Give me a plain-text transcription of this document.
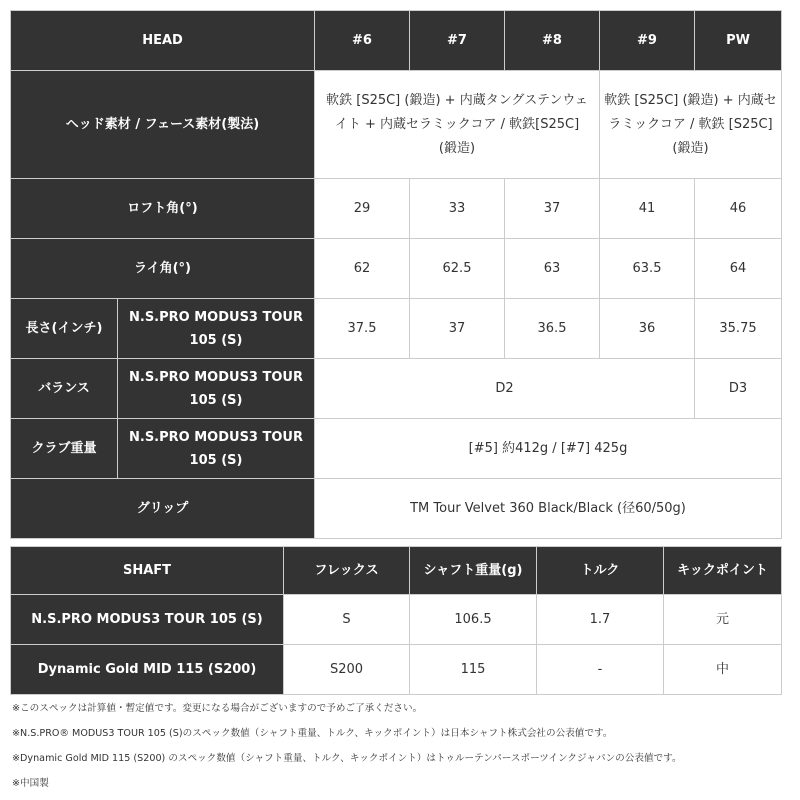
HEAD		#6	#7	#8	#9	PW
ヘッド素材 / フェース素材(製法)		軟鉄 [S25C] (鍛造) + 内蔵タングステンウェイト + 内蔵セラミックコア / 軟鉄[S25C] (鍛造)			軟鉄 [S25C] (鍛造) + 内蔵セラミックコア / 軟鉄 [S25C] (鍛造)	
ロフト角(°)		29	33	37	41	46
ライ角(°)		62	62.5	63	63.5	64
長さ(インチ)	N.S.PRO MODUS3 TOUR 105 (S)	37.5	37	36.5	36	35.75
バランス	N.S.PRO MODUS3 TOUR 105 (S)	D2				D3
クラブ重量	N.S.PRO MODUS3 TOUR 105 (S)	[#5] 約412g / [#7] 425g				
グリップ		TM Tour Velvet 360 Black/Black (径60/50g)				
SHAFT	フレックス	シャフト重量(g)	トルク	キックポイント
N.S.PRO MODUS3 TOUR 105 (S)	S	106.5	1.7	元
Dynamic Gold MID 115 (S200)	S200	115	-	中
※このスペックは計算値・暫定値です。変更になる場合がございますので予めご了承ください。
※N.S.PRO® MODUS3 TOUR 105 (S)のスペック数値（シャフト重量、トルク、キックポイント）は日本シャフト株式会社の公表値です。
※Dynamic Gold MID 115 (S200) のスペック数値（シャフト重量、トルク、キックポイント）はトゥルーテンパースポーツインクジャパンの公表値です。
※中国製
